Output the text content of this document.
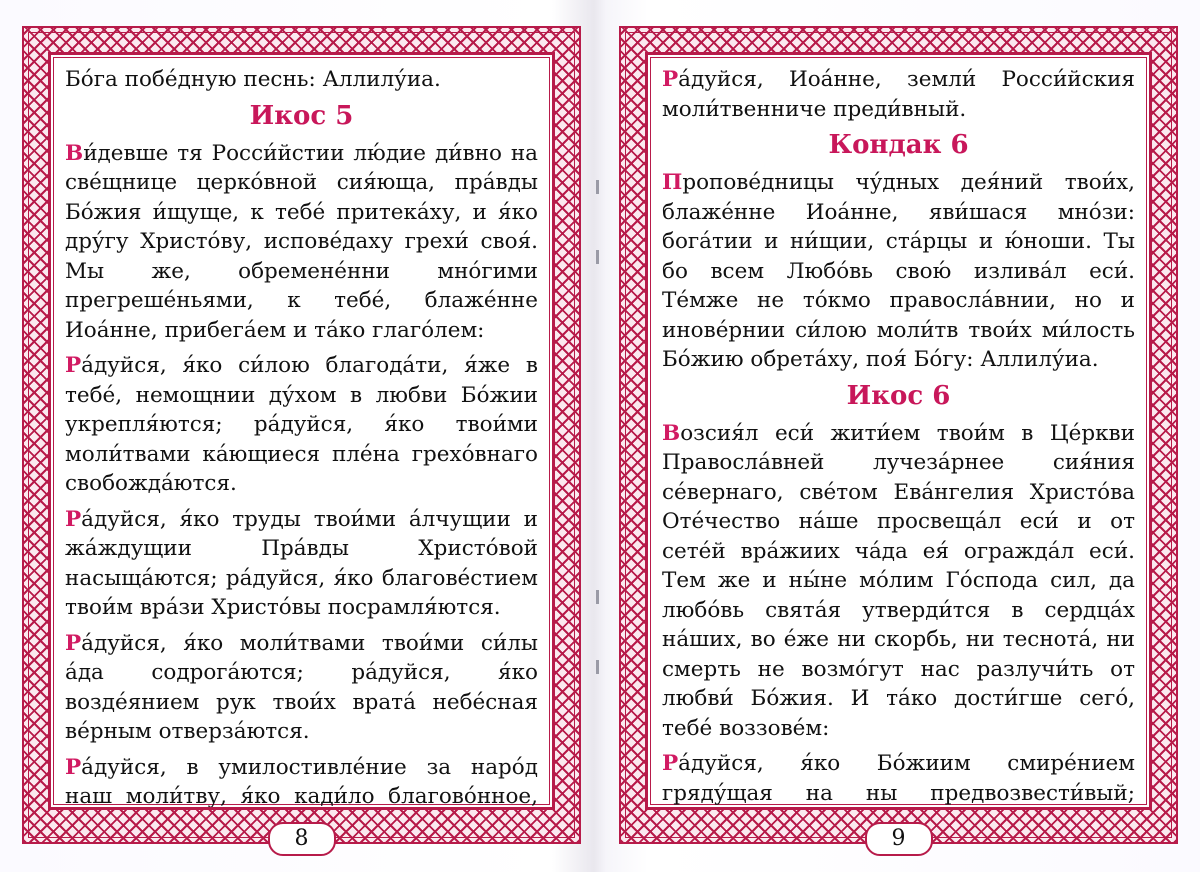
Бо́га побе́дную песнь: Аллилу́иа.

Икос 5

Ви́девше тя Росси́йстии лю́дие ди́вно на све́щнице церко́вной сия́юща, пра́вды Бо́жия и́щуще, к тебе́ притека́ху, и я́ко дру́гу Христо́ву, испове́даху грехи́ своя́. Мы же, обремене́нни мно́гими прегреше́ньями, к тебе́, блаже́нне Иоа́нне, прибега́ем и та́ко глаго́лем:

Ра́дуйся, я́ко си́лою благода́ти, я́же в тебе́, немощнии ду́хом в любви Бо́жии укрепля́ются; ра́дуйся, я́ко твои́ми моли́твами ка́ющиеся пле́на грехо́внаго свобожда́ются.

Ра́дуйся, я́ко труды твои́ми а́лчущии и жа́ждущии Пра́вды Христо́вой насыща́ются; ра́дуйся, я́ко благове́стием твои́м вра́зи Христо́вы посрамля́ются.

Ра́дуйся, я́ко моли́твами твои́ми си́лы а́да содрога́ются; ра́дуйся, я́ко возде́янием рук твои́х врата́ небе́сная ве́рным отверза́ются.

Ра́дуйся, в умилостивле́ние за наро́д наш моли́тву, я́ко кади́ло благово́нное,

8

Ра́дуйся, Иоа́нне, земли́ Росси́йския моли́твенниче преди́вный.

Кондак 6

Пропове́дницы чу́дных дея́ний твои́х, блаже́нне Иоа́нне, яви́шася мно́зи: бога́тии и ни́щии, ста́рцы и ю́ноши. Ты бо всем Любо́вь свою́ излива́л еси́. Те́мже не то́кмо правосла́внии, но и инове́рнии си́лою моли́тв твои́х ми́лость Бо́жию обрета́ху, поя́ Бо́гу: Аллилу́иа.

Икос 6

Возсия́л еси́ жити́ем твои́м в Це́ркви Правосла́вней лучеза́рнее сия́ния се́вернаго, све́том Ева́нгелия Христо́ва Оте́чество на́ше просвеща́л еси́ и от сете́й вра́жиих ча́да ея́ огражда́л еси́. Тем же и ны́не мо́лим Го́спода сил, да любо́вь свята́я утверди́тся в сердца́х на́ших, во е́же ни скорбь, ни теснота́, ни смерть не возмо́гут нас разлучи́ть от любви́ Бо́жия. И та́ко дости́гше сего́, тебе́ воззове́м:

Ра́дуйся, я́ко Бо́жиим смире́нием гряду́щая на ны предвозвести́вый;

9
